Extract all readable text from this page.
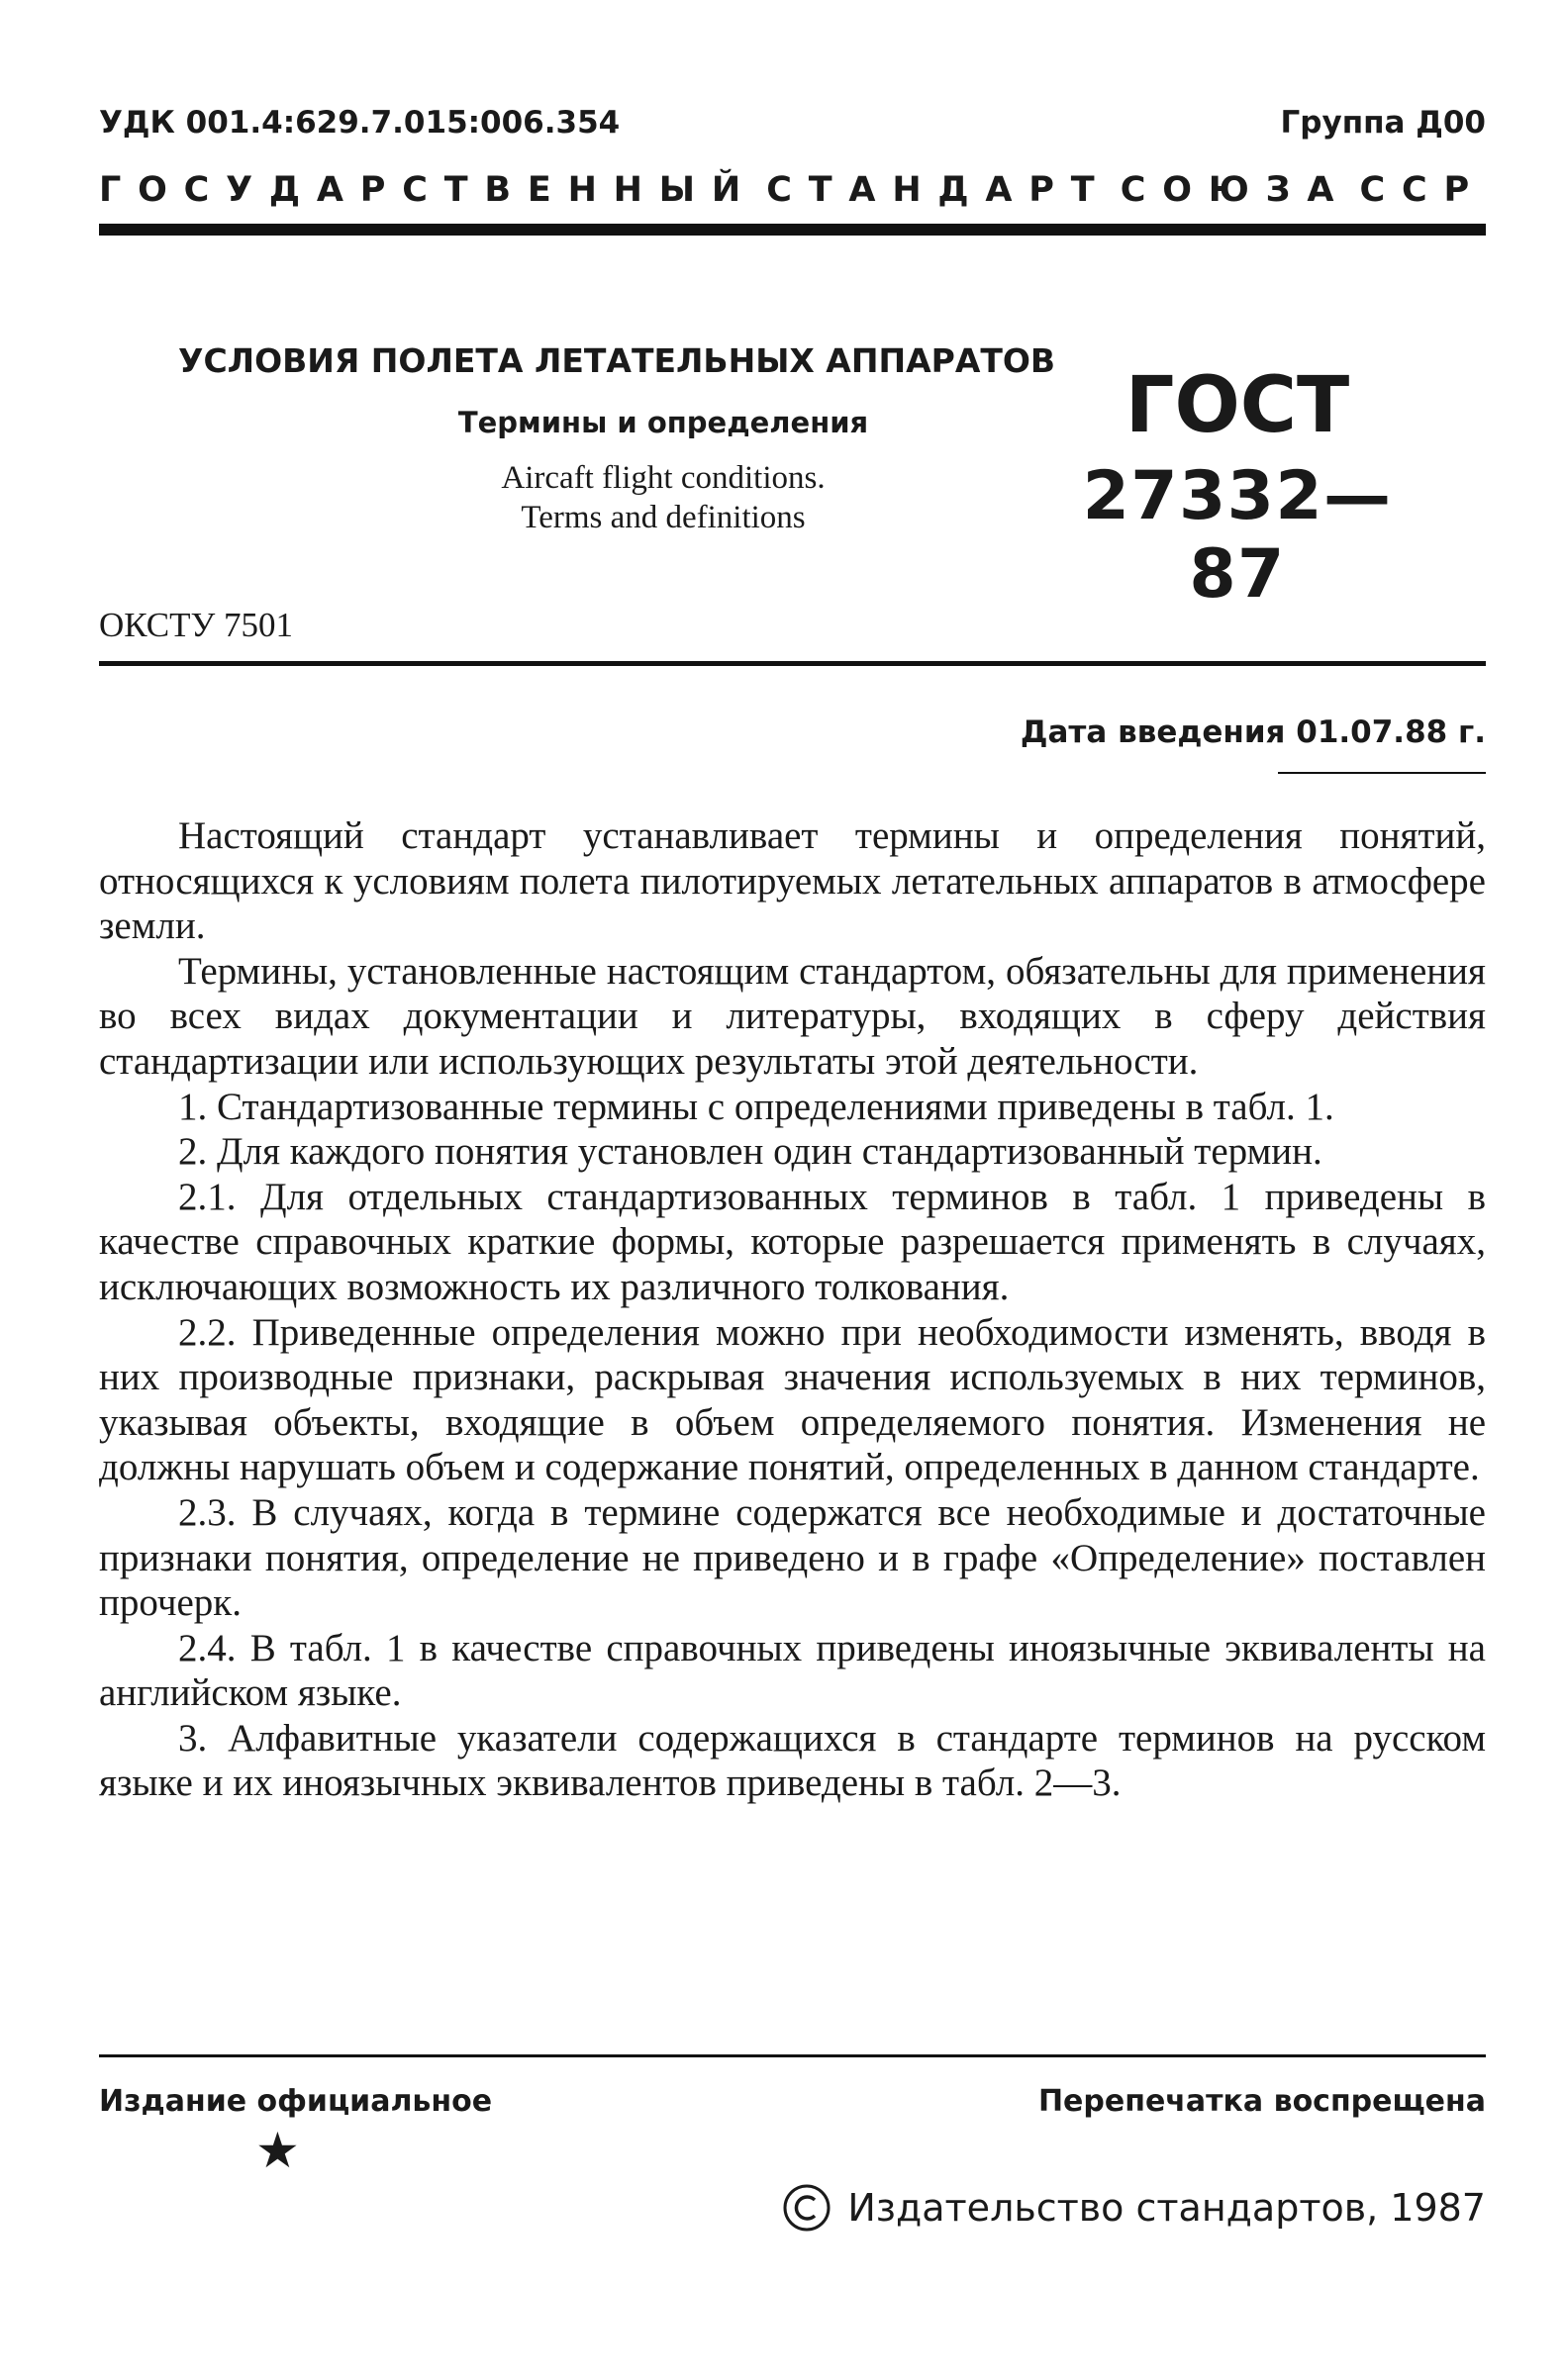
УДК 001.4:629.7.015:006.354	Группа Д00
ГОСУДАРСТВЕННЫЙ СТАНДАРТ СОЮЗА ССР
УСЛОВИЯ ПОЛЕТА ЛЕТАТЕЛЬНЫХ АППАРАТОВ
Термины и определения
Aircaft flight conditions.
Terms and definitions
ГОСТ
27332—87
ОКСТУ 7501
Дата введения 01.07.88 г.

Настоящий стандарт устанавливает термины и определения понятий, относящихся к условиям полета пилотируемых летательных аппаратов в атмосфере земли.

Термины, установленные настоящим стандартом, обязательны для применения во всех видах документации и литературы, входящих в сферу действия стандартизации или использующих результаты этой деятельности.

1. Стандартизованные термины с определениями приведены в табл. 1.

2. Для каждого понятия установлен один стандартизованный термин.

2.1. Для отдельных стандартизованных терминов в табл. 1 приведены в качестве справочных краткие формы, которые разрешается применять в случаях, исключающих возможность их различного толкования.

2.2. Приведенные определения можно при необходимости изменять, вводя в них производные признаки, раскрывая значения используемых в них терминов, указывая объекты, входящие в объем определяемого понятия. Изменения не должны нарушать объем и содержание понятий, определенных в данном стандарте.

2.3. В случаях, когда в термине содержатся все необходимые и достаточные признаки понятия, определение не приведено и в графе «Определение» поставлен прочерк.

2.4. В табл. 1 в качестве справочных приведены иноязычные эквиваленты на английском языке.

3. Алфавитные указатели содержащихся в стандарте терминов на русском языке и их иноязычных эквивалентов приведены в табл. 2—3.

Издание официальное	Перепечатка воспрещена
★
Издательство стандартов, 1987
